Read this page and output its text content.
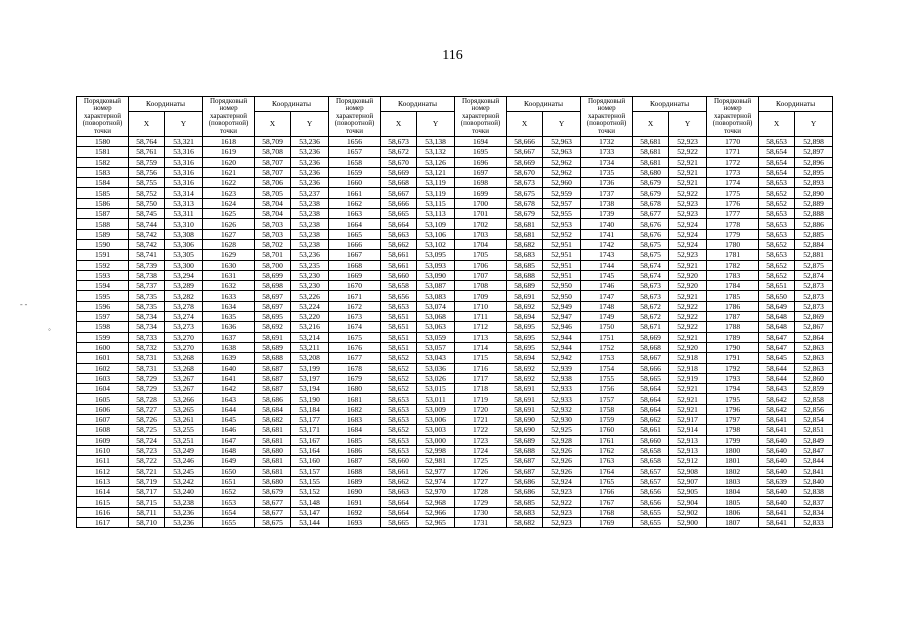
116
- -
◦
Порядковый номер характерной (поворотной) точки	Координаты		Порядковый номер характерной (поворотной) точки	Координаты		Порядковый номер характерной (поворотной) точки	Координаты		Порядковый номер характерной (поворотной) точки	Координаты		Порядковый номер характерной (поворотной) точки	Координаты		Порядковый номер характерной (поворотной) точки	Координаты	
	X	Y		X	Y		X	Y		X	Y		X	Y		X	Y
1580	58,764	53,321	1618	58,709	53,236	1656	58,673	53,138	1694	58,666	52,963	1732	58,681	52,923	1770	58,653	52,898
1581	58,761	53,316	1619	58,708	53,236	1657	58,672	53,132	1695	58,667	52,963	1733	58,681	52,922	1771	58,654	52,897
1582	58,759	53,316	1620	58,707	53,236	1658	58,670	53,126	1696	58,669	52,962	1734	58,681	52,921	1772	58,654	52,896
1583	58,756	53,316	1621	58,707	53,236	1659	58,669	53,121	1697	58,670	52,962	1735	58,680	52,921	1773	58,654	52,895
1584	58,755	53,316	1622	58,706	53,236	1660	58,668	53,119	1698	58,673	52,960	1736	58,679	52,921	1774	58,653	52,893
1585	58,752	53,314	1623	58,705	53,237	1661	58,667	53,119	1699	58,675	52,959	1737	58,679	52,922	1775	58,652	52,890
1586	58,750	53,313	1624	58,704	53,238	1662	58,666	53,115	1700	58,678	52,957	1738	58,678	52,923	1776	58,652	52,889
1587	58,745	53,311	1625	58,704	53,238	1663	58,665	53,113	1701	58,679	52,955	1739	58,677	52,923	1777	58,653	52,888
1588	58,744	53,310	1626	58,703	53,238	1664	58,664	53,109	1702	58,681	52,953	1740	58,676	52,924	1778	58,653	52,886
1589	58,742	53,308	1627	58,703	53,238	1665	58,663	53,106	1703	58,681	52,952	1741	58,676	52,924	1779	58,653	52,885
1590	58,742	53,306	1628	58,702	53,238	1666	58,662	53,102	1704	58,682	52,951	1742	58,675	52,924	1780	58,652	52,884
1591	58,741	53,305	1629	58,701	53,236	1667	58,661	53,095	1705	58,683	52,951	1743	58,675	52,923	1781	58,653	52,881
1592	58,739	53,300	1630	58,700	53,235	1668	58,661	53,093	1706	58,685	52,951	1744	58,674	52,921	1782	58,652	52,875
1593	58,738	53,294	1631	58,699	53,230	1669	58,660	53,090	1707	58,688	52,951	1745	58,674	52,920	1783	58,652	52,874
1594	58,737	53,289	1632	58,698	53,230	1670	58,658	53,087	1708	58,689	52,950	1746	58,673	52,920	1784	58,651	52,873
1595	58,735	53,282	1633	58,697	53,226	1671	58,656	53,083	1709	58,691	52,950	1747	58,673	52,921	1785	58,650	52,873
1596	58,735	53,278	1634	58,697	53,224	1672	58,653	53,074	1710	58,692	52,949	1748	58,672	52,922	1786	58,649	52,873
1597	58,734	53,274	1635	58,695	53,220	1673	58,651	53,068	1711	58,694	52,947	1749	58,672	52,922	1787	58,648	52,869
1598	58,734	53,273	1636	58,692	53,216	1674	58,651	53,063	1712	58,695	52,946	1750	58,671	52,922	1788	58,648	52,867
1599	58,733	53,270	1637	58,691	53,214	1675	58,651	53,059	1713	58,695	52,944	1751	58,669	52,921	1789	58,647	52,864
1600	58,732	53,270	1638	58,689	53,211	1676	58,651	53,057	1714	58,695	52,944	1752	58,668	52,920	1790	58,647	52,863
1601	58,731	53,268	1639	58,688	53,208	1677	58,652	53,043	1715	58,694	52,942	1753	58,667	52,918	1791	58,645	52,863
1602	58,731	53,268	1640	58,687	53,199	1678	58,652	53,036	1716	58,692	52,939	1754	58,666	52,918	1792	58,644	52,863
1603	58,729	53,267	1641	58,687	53,197	1679	58,652	53,026	1717	58,692	52,938	1755	58,665	52,919	1793	58,644	52,860
1604	58,729	53,267	1642	58,687	53,194	1680	58,652	53,015	1718	58,691	52,933	1756	58,664	52,921	1794	58,643	52,859
1605	58,728	53,266	1643	58,686	53,190	1681	58,653	53,011	1719	58,691	52,933	1757	58,664	52,921	1795	58,642	52,858
1606	58,727	53,265	1644	58,684	53,184	1682	58,653	53,009	1720	58,691	52,932	1758	58,664	52,921	1796	58,642	52,856
1607	58,726	53,261	1645	58,682	53,177	1683	58,653	53,006	1721	58,690	52,930	1759	58,662	52,917	1797	58,641	52,854
1608	58,725	53,255	1646	58,681	53,171	1684	58,652	53,003	1722	58,690	52,925	1760	58,661	52,914	1798	58,641	52,851
1609	58,724	53,251	1647	58,681	53,167	1685	58,653	53,000	1723	58,689	52,928	1761	58,660	52,913	1799	58,640	52,849
1610	58,723	53,249	1648	58,680	53,164	1686	58,653	52,998	1724	58,688	52,926	1762	58,658	52,913	1800	58,640	52,847
1611	58,722	53,246	1649	58,681	53,160	1687	58,660	52,981	1725	58,687	52,926	1763	58,658	52,912	1801	58,640	52,844
1612	58,721	53,245	1650	58,681	53,157	1688	58,661	52,977	1726	58,687	52,926	1764	58,657	52,908	1802	58,640	52,841
1613	58,719	53,242	1651	58,680	53,155	1689	58,662	52,974	1727	58,686	52,924	1765	58,657	52,907	1803	58,639	52,840
1614	58,717	53,240	1652	58,679	53,152	1690	58,663	52,970	1728	58,686	52,923	1766	58,656	52,905	1804	58,640	52,838
1615	58,715	53,238	1653	58,677	53,148	1691	58,664	52,968	1729	58,685	52,922	1767	58,656	52,904	1805	58,640	52,837
1616	58,711	53,236	1654	58,677	53,147	1692	58,664	52,966	1730	58,683	52,923	1768	58,655	52,902	1806	58,641	52,834
1617	58,710	53,236	1655	58,675	53,144	1693	58,665	52,965	1731	58,682	52,923	1769	58,655	52,900	1807	58,641	52,833
